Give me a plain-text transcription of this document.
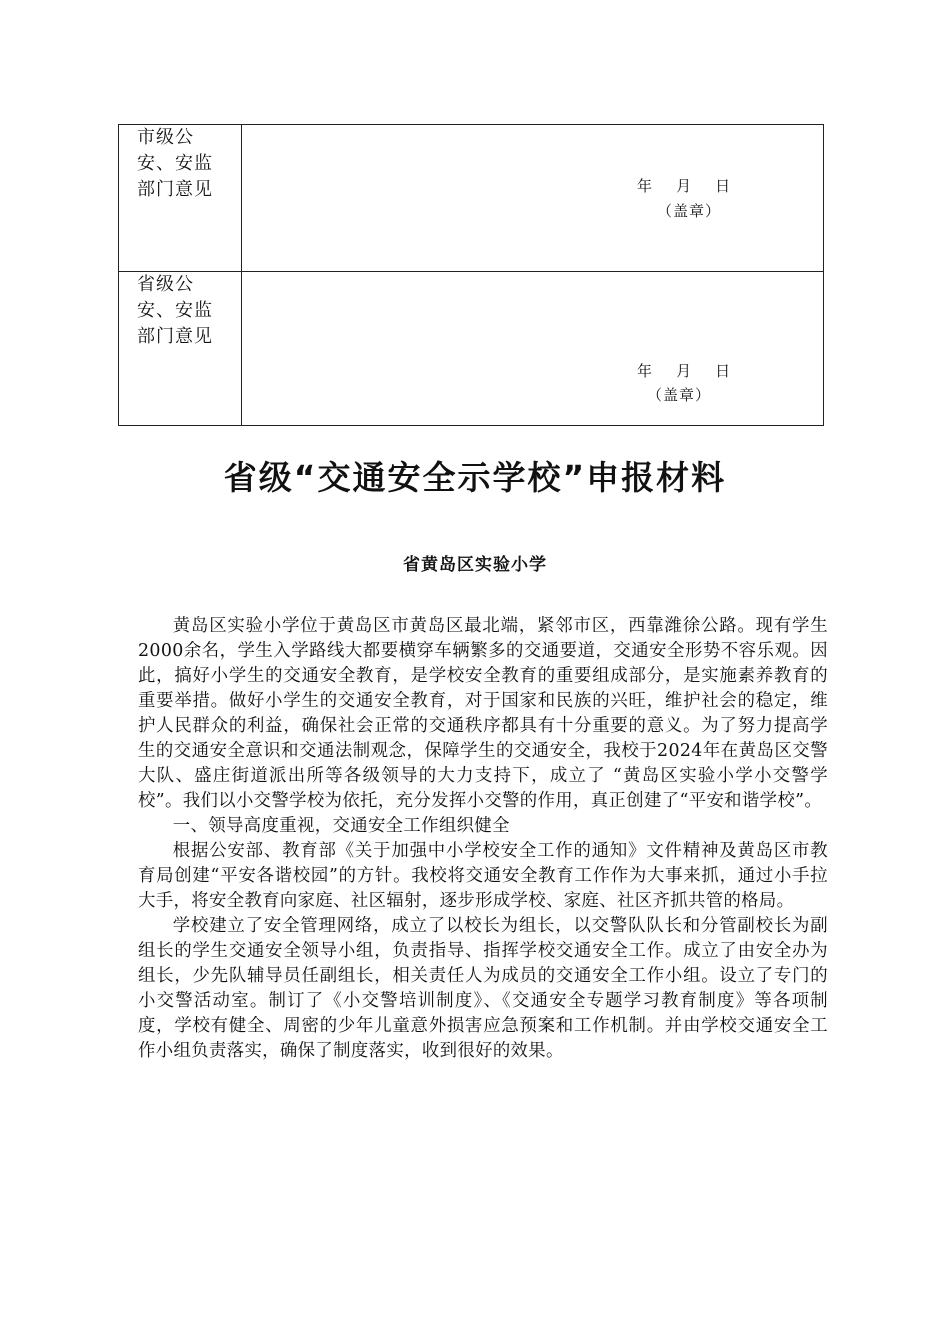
市级公
安、安监
部门意见	年    月    日
（盖章）

省级公
安、安监
部门意见	年    月    日
（盖章）
省级“交通安全示学校”申报材料
省黄岛区实验小学

黄岛区实验小学位于黄岛区市黄岛区最北端，紧邻市区，西靠潍徐公路。现有学生2000余名，学生入学路线大都要横穿车辆繁多的交通要道，交通安全形势不容乐观。因此，搞好小学生的交通安全教育，是学校安全教育的重要组成部分，是实施素养教育的重要举措。做好小学生的交通安全教育，对于国家和民族的兴旺，维护社会的稳定，维护人民群众的利益，确保社会正常的交通秩序都具有十分重要的意义。为了努力提高学生的交通安全意识和交通法制观念，保障学生的交通安全，我校于2024年在黄岛区交警大队、盛庄街道派出所等各级领导的大力支持下，成立了 “黄岛区实验小学小交警学校”。我们以小交警学校为依托，充分发挥小交警的作用，真正创建了“平安和谐学校”。

一、领导高度重视，交通安全工作组织健全

根据公安部、教育部《关于加强中小学校安全工作的通知》文件精神及黄岛区市教育局创建“平安各谐校园”的方针。我校将交通安全教育工作作为大事来抓，通过小手拉大手，将安全教育向家庭、社区辐射，逐步形成学校、家庭、社区齐抓共管的格局。

学校建立了安全管理网络，成立了以校长为组长，以交警队队长和分管副校长为副组长的学生交通安全领导小组，负责指导、指挥学校交通安全工作。成立了由安全办为组长，少先队辅导员任副组长，相关责任人为成员的交通安全工作小组。设立了专门的小交警活动室。制订了《小交警培训制度》、《交通安全专题学习教育制度》等各项制度，学校有健全、周密的少年儿童意外损害应急预案和工作机制。并由学校交通安全工作小组负责落实，确保了制度落实，收到很好的效果。
